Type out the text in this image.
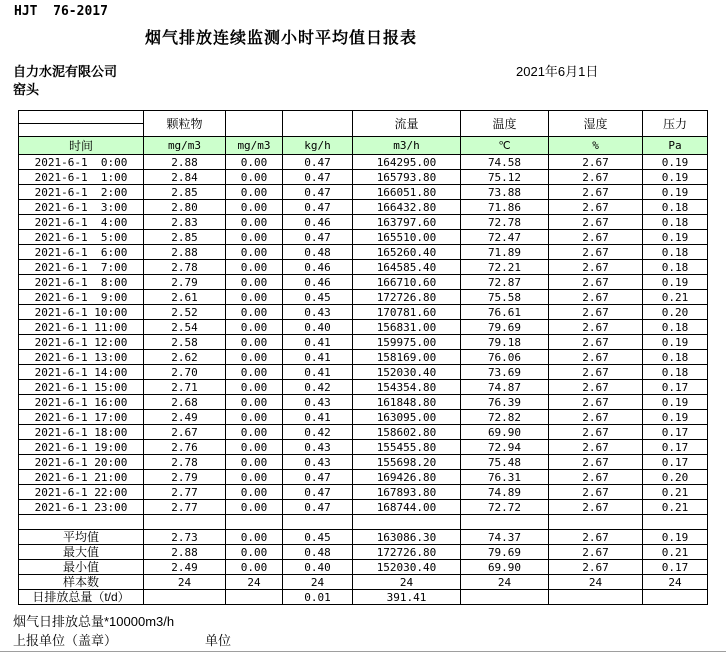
HJT  76-2017
烟气排放连续监测小时平均值日报表
自力水泥有限公司
窑头
2021年6月1日
	颗粒物			流量	温度	湿度	压力

时间	mg/m3	mg/m3	kg/h	m3/h	℃	%	Pa
2021-6-1  0:00	2.88	0.00	0.47	164295.00	74.58	2.67	0.19
2021-6-1  1:00	2.84	0.00	0.47	165793.80	75.12	2.67	0.19
2021-6-1  2:00	2.85	0.00	0.47	166051.80	73.88	2.67	0.19
2021-6-1  3:00	2.80	0.00	0.47	166432.80	71.86	2.67	0.18
2021-6-1  4:00	2.83	0.00	0.46	163797.60	72.78	2.67	0.18
2021-6-1  5:00	2.85	0.00	0.47	165510.00	72.47	2.67	0.19
2021-6-1  6:00	2.88	0.00	0.48	165260.40	71.89	2.67	0.18
2021-6-1  7:00	2.78	0.00	0.46	164585.40	72.21	2.67	0.18
2021-6-1  8:00	2.79	0.00	0.46	166710.60	72.87	2.67	0.19
2021-6-1  9:00	2.61	0.00	0.45	172726.80	75.58	2.67	0.21
2021-6-1 10:00	2.52	0.00	0.43	170781.60	76.61	2.67	0.20
2021-6-1 11:00	2.54	0.00	0.40	156831.00	79.69	2.67	0.18
2021-6-1 12:00	2.58	0.00	0.41	159975.00	79.18	2.67	0.19
2021-6-1 13:00	2.62	0.00	0.41	158169.00	76.06	2.67	0.18
2021-6-1 14:00	2.70	0.00	0.41	152030.40	73.69	2.67	0.18
2021-6-1 15:00	2.71	0.00	0.42	154354.80	74.87	2.67	0.17
2021-6-1 16:00	2.68	0.00	0.43	161848.80	76.39	2.67	0.19
2021-6-1 17:00	2.49	0.00	0.41	163095.00	72.82	2.67	0.19
2021-6-1 18:00	2.67	0.00	0.42	158602.80	69.90	2.67	0.17
2021-6-1 19:00	2.76	0.00	0.43	155455.80	72.94	2.67	0.17
2021-6-1 20:00	2.78	0.00	0.43	155698.20	75.48	2.67	0.17
2021-6-1 21:00	2.79	0.00	0.47	169426.80	76.31	2.67	0.20
2021-6-1 22:00	2.77	0.00	0.47	167893.80	74.89	2.67	0.21
2021-6-1 23:00	2.77	0.00	0.47	168744.00	72.72	2.67	0.21

平均值	2.73	0.00	0.45	163086.30	74.37	2.67	0.19
最大值	2.88	0.00	0.48	172726.80	79.69	2.67	0.21
最小值	2.49	0.00	0.40	152030.40	69.90	2.67	0.17
样本数	24	24	24	24	24	24	24
日排放总量（t/d）			0.01	391.41			
烟气日排放总量*10000m3/h
上报单位（盖章）	单位
